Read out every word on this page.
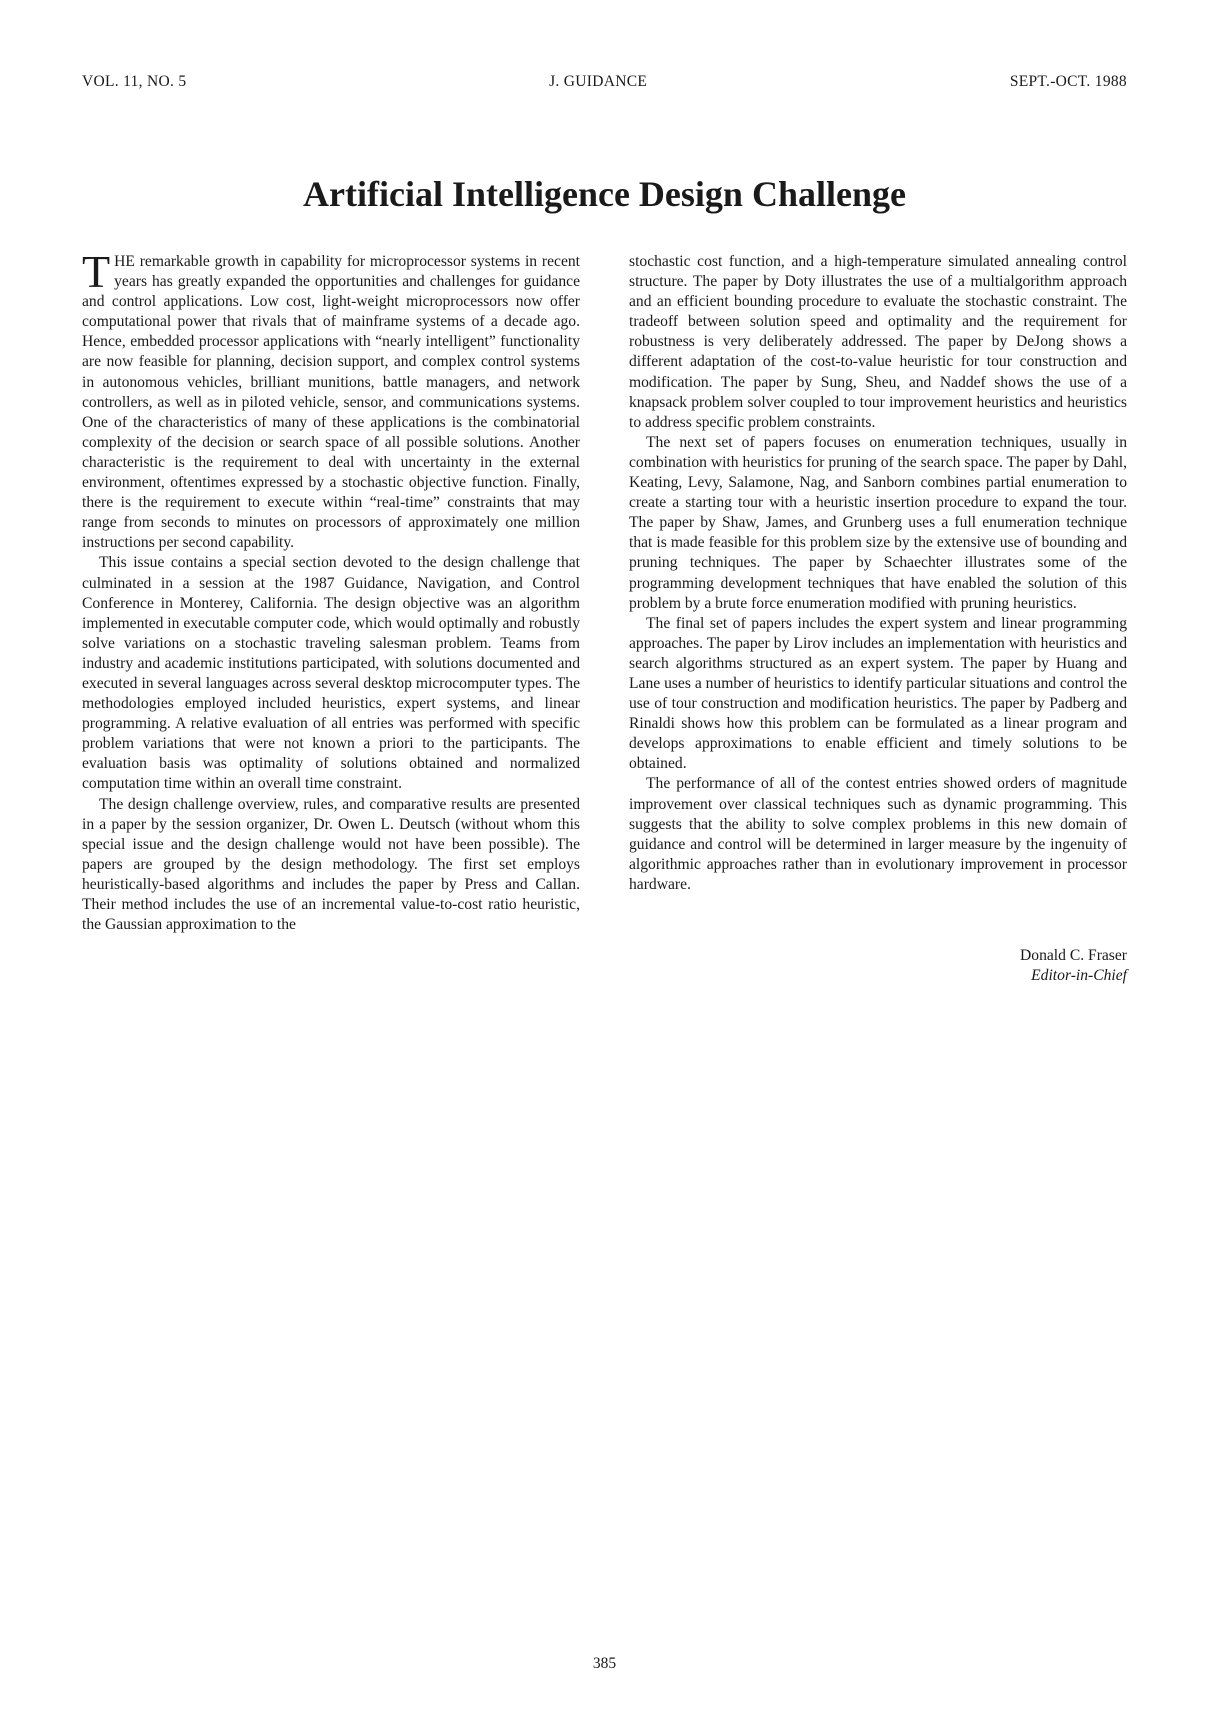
VOL. 11, NO. 5	J. GUIDANCE	SEPT.-OCT. 1988
Artificial Intelligence Design Challenge

THE remarkable growth in capability for microprocessor systems in recent years has greatly expanded the opportunities and challenges for guidance and control applications. Low cost, light-weight microprocessors now offer computational power that rivals that of mainframe systems of a decade ago. Hence, embedded processor applications with “nearly intelligent” functionality are now feasible for planning, decision support, and complex control systems in autonomous vehicles, brilliant munitions, battle managers, and network controllers, as well as in piloted vehicle, sensor, and communications systems. One of the characteristics of many of these applications is the combinatorial complexity of the decision or search space of all possible solutions. Another characteristic is the requirement to deal with uncertainty in the external environment, oftentimes expressed by a stochastic objective function. Finally, there is the requirement to execute within “real-time” constraints that may range from seconds to minutes on processors of approximately one million instructions per second capability.

This issue contains a special section devoted to the design challenge that culminated in a session at the 1987 Guidance, Navigation, and Control Conference in Monterey, California. The design objective was an algorithm implemented in executable computer code, which would optimally and robustly solve variations on a stochastic traveling salesman problem. Teams from industry and academic institutions participated, with solutions documented and executed in several languages across several desktop microcomputer types. The methodologies employed included heuristics, expert systems, and linear programming. A relative evaluation of all entries was performed with specific problem variations that were not known a priori to the participants. The evaluation basis was optimality of solutions obtained and normalized computation time within an overall time constraint.

The design challenge overview, rules, and comparative results are presented in a paper by the session organizer, Dr. Owen L. Deutsch (without whom this special issue and the design challenge would not have been possible). The papers are grouped by the design methodology. The first set employs heuristically-based algorithms and includes the paper by Press and Callan. Their method includes the use of an incremental value-to-cost ratio heuristic, the Gaussian approximation to the

stochastic cost function, and a high-temperature simulated annealing control structure. The paper by Doty illustrates the use of a multialgorithm approach and an efficient bounding procedure to evaluate the stochastic constraint. The tradeoff between solution speed and optimality and the requirement for robustness is very deliberately addressed. The paper by DeJong shows a different adaptation of the cost-to-value heuristic for tour construction and modification. The paper by Sung, Sheu, and Naddef shows the use of a knapsack problem solver coupled to tour improvement heuristics and heuristics to address specific problem constraints.

The next set of papers focuses on enumeration techniques, usually in combination with heuristics for pruning of the search space. The paper by Dahl, Keating, Levy, Salamone, Nag, and Sanborn combines partial enumeration to create a starting tour with a heuristic insertion procedure to expand the tour. The paper by Shaw, James, and Grunberg uses a full enumeration technique that is made feasible for this problem size by the extensive use of bounding and pruning techniques. The paper by Schaechter illustrates some of the programming development techniques that have enabled the solution of this problem by a brute force enumeration modified with pruning heuristics.

The final set of papers includes the expert system and linear programming approaches. The paper by Lirov includes an implementation with heuristics and search algorithms structured as an expert system. The paper by Huang and Lane uses a number of heuristics to identify particular situations and control the use of tour construction and modification heuristics. The paper by Padberg and Rinaldi shows how this problem can be formulated as a linear program and develops approximations to enable efficient and timely solutions to be obtained.

The performance of all of the contest entries showed orders of magnitude improvement over classical techniques such as dynamic programming. This suggests that the ability to solve complex problems in this new domain of guidance and control will be determined in larger measure by the ingenuity of algorithmic approaches rather than in evolutionary improvement in processor hardware.

Donald C. Fraser
Editor-in-Chief
385
